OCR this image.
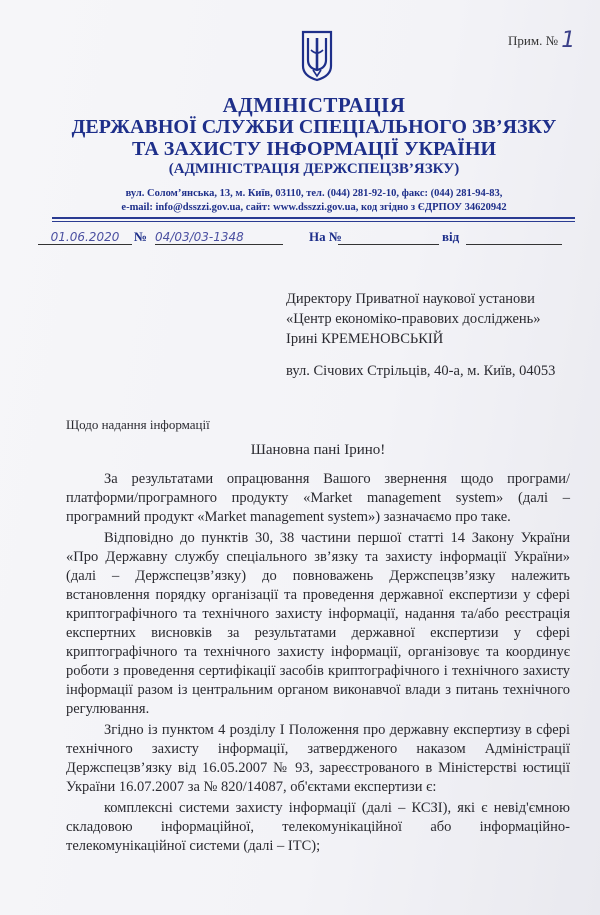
Прим. № 1
АДМІНІСТРАЦІЯ
ДЕРЖАВНОЇ СЛУЖБИ СПЕЦІАЛЬНОГО ЗВ’ЯЗКУ
ТА ЗАХИСТУ ІНФОРМАЦІЇ УКРАЇНИ
(АДМІНІСТРАЦІЯ ДЕРЖСПЕЦЗВ’ЯЗКУ)
вул. Солом’янська, 13, м. Київ, 03110, тел. (044) 281-92-10, факс: (044) 281-94-83,
e-mail: info@dsszzi.gov.ua, сайт: www.dsszzi.gov.ua, код згідно з ЄДРПОУ 34620942
01.06.2020	№ 04/03/03-1348	На №	від
Директору Приватної наукової установи
«Центр економіко-правових досліджень»
Ірині КРЕМЕНОВСЬКІЙ
вул. Січових Стрільців, 40-а, м. Київ, 04053
Щодо надання інформації
Шановна пані Ірино!

За результатами опрацювання Вашого звернення щодо програми/платформи/програмного продукту «Market management system» (далі – програмний продукт «Market management system») зазначаємо про таке.

Відповідно до пунктів 30, 38 частини першої статті 14 Закону України «Про Державну службу спеціального зв’язку та захисту інформації України» (далі – Держспецзв’язку) до повноважень Держспецзв’язку належить встановлення порядку організації та проведення державної експертизи у сфері криптографічного та технічного захисту інформації, надання та/або реєстрація експертних висновків за результатами державної експертизи у сфері криптографічного та технічного захисту інформації, організовує та координує роботи з проведення сертифікації засобів криптографічного і технічного захисту інформації разом із центральним органом виконавчої влади з питань технічного регулювання.

Згідно із пунктом 4 розділу І Положення про державну експертизу в сфері технічного захисту інформації, затвердженого наказом Адміністрації Держспецзв’язку від 16.05.2007 № 93, зареєстрованого в Міністерстві юстиції України 16.07.2007 за № 820/14087, об'єктами експертизи є:

комплексні системи захисту інформації (далі – КСЗІ), які є невід'ємною складовою інформаційної, телекомунікаційної або інформаційно-телекомунікаційної системи (далі – ІТС);
